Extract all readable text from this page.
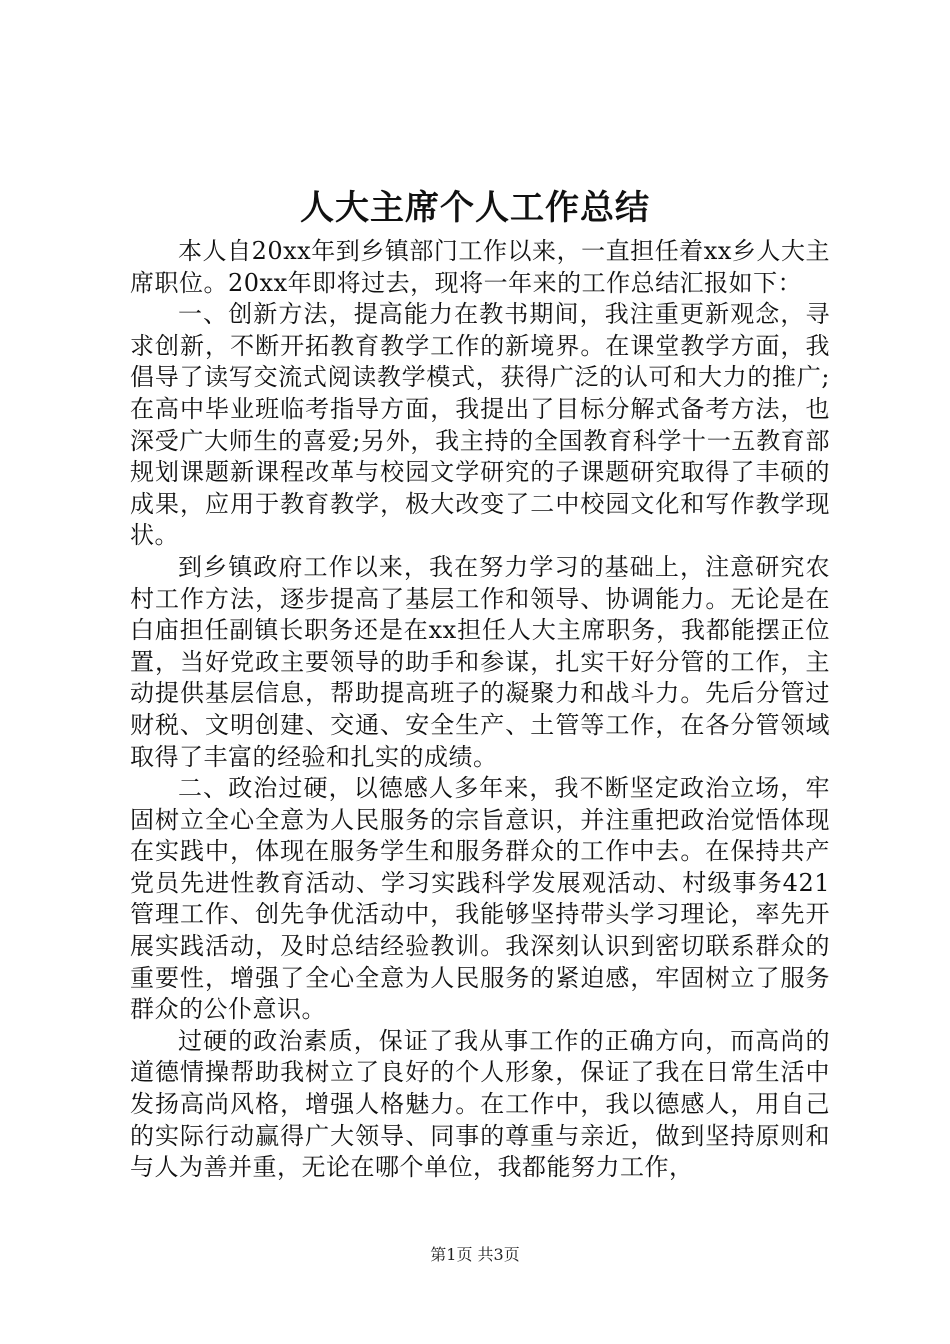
人大主席个人工作总结

本人自20xx年到乡镇部门工作以来，一直担任着xx乡人大主席职位。20xx年即将过去，现将一年来的工作总结汇报如下：

一、创新方法，提高能力在教书期间，我注重更新观念，寻求创新，不断开拓教育教学工作的新境界。在课堂教学方面，我倡导了读写交流式阅读教学模式，获得广泛的认可和大力的推广;在高中毕业班临考指导方面，我提出了目标分解式备考方法，也深受广大师生的喜爱;另外，我主持的全国教育科学十一五教育部规划课题新课程改革与校园文学研究的子课题研究取得了丰硕的成果，应用于教育教学，极大改变了二中校园文化和写作教学现状。

到乡镇政府工作以来，我在努力学习的基础上，注意研究农村工作方法，逐步提高了基层工作和领导、协调能力。无论是在白庙担任副镇长职务还是在xx担任人大主席职务，我都能摆正位置，当好党政主要领导的助手和参谋，扎实干好分管的工作，主动提供基层信息，帮助提高班子的凝聚力和战斗力。先后分管过财税、文明创建、交通、安全生产、土管等工作，在各分管领域取得了丰富的经验和扎实的成绩。

二、政治过硬，以德感人多年来，我不断坚定政治立场，牢固树立全心全意为人民服务的宗旨意识，并注重把政治觉悟体现在实践中，体现在服务学生和服务群众的工作中去。在保持共产党员先进性教育活动、学习实践科学发展观活动、村级事务421管理工作、创先争优活动中，我能够坚持带头学习理论，率先开展实践活动，及时总结经验教训。我深刻认识到密切联系群众的重要性，增强了全心全意为人民服务的紧迫感，牢固树立了服务群众的公仆意识。

过硬的政治素质，保证了我从事工作的正确方向，而高尚的道德情操帮助我树立了良好的个人形象，保证了我在日常生活中发扬高尚风格，增强人格魅力。在工作中，我以德感人，用自己的实际行动赢得广大领导、同事的尊重与亲近，做到坚持原则和与人为善并重，无论在哪个单位，我都能努力工作，

第1页 共3页
